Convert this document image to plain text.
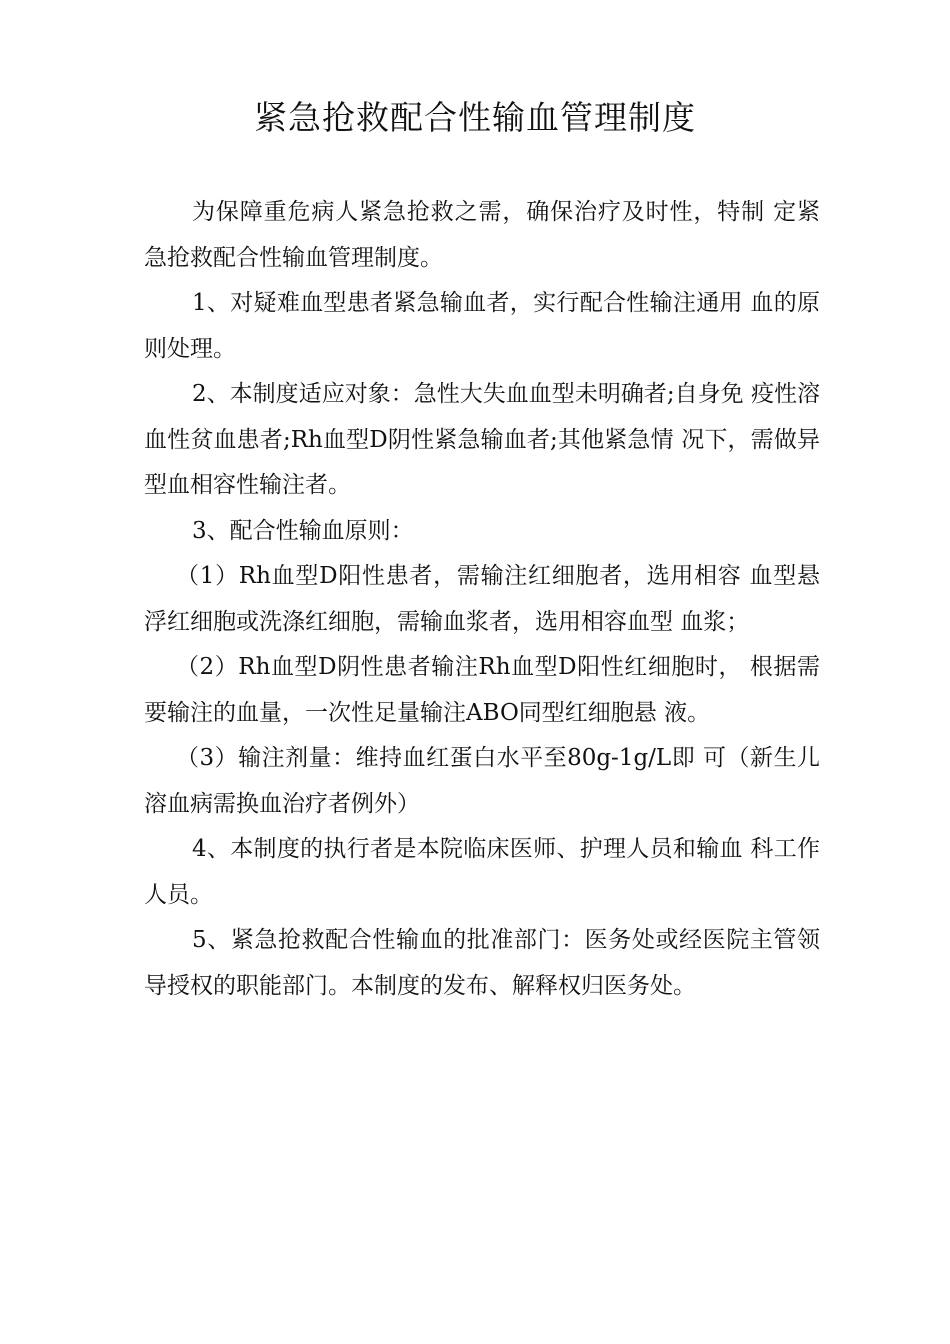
紧急抢救配合性输血管理制度

为保障重危病人紧急抢救之需，确保治疗及时性，特制 定紧急抢救配合性输血管理制度。

1、对疑难血型患者紧急输血者，实行配合性输注通用 血的原则处理。

2、本制度适应对象：急性大失血血型未明确者;自身免 疫性溶血性贫血患者;Rh血型D阴性紧急输血者;其他紧急情 况下，需做异型血相容性输注者。

3、配合性输血原则：

（1）Rh血型D阳性患者，需输注红细胞者，选用相容 血型悬浮红细胞或洗涤红细胞，需输血浆者，选用相容血型 血浆；

（2）Rh血型D阴性患者输注Rh血型D阳性红细胞时， 根据需要输注的血量，一次性足量输注ABO同型红细胞悬 液。

（3）输注剂量：维持血红蛋白水平至80g-1g/L即 可（新生儿溶血病需换血治疗者例外）

4、本制度的执行者是本院临床医师、护理人员和输血 科工作人员。

5、紧急抢救配合性输血的批准部门：医务处或经医院主管领导授权的职能部门。本制度的发布、解释权归医务处。
